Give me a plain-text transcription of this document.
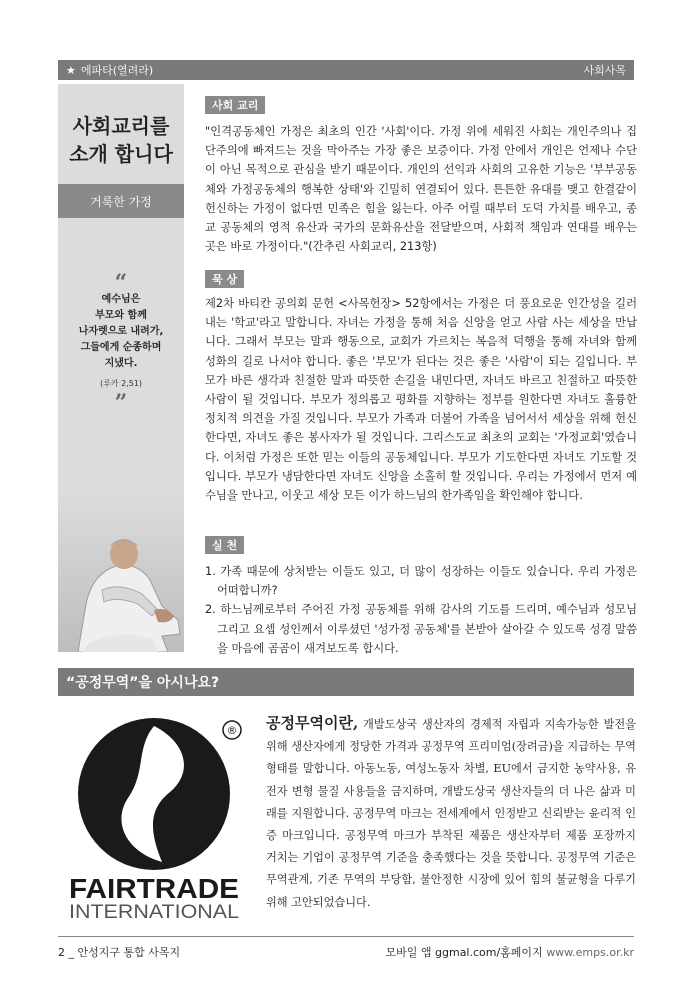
★ 에파타(열려라)	사회사목
사회교리를
소개 합니다
거룩한 가정
“
예수님은
부모와 함께
나자렛으로 내려가,
그들에게 순종하며
지냈다.
(루카 2,51)
”
사회 교리

"인격공동체인 가정은 최초의 인간 '사회'이다. 가정 위에 세워진 사회는 개인주의나 집단주의에 빠져드는 것을 막아주는 가장 좋은 보증이다. 가정 안에서 개인은 언제나 수단이 아닌 목적으로 관심을 받기 때문이다. 개인의 선익과 사회의 고유한 기능은 '부부공동체와 가정공동체의 행복한 상태'와 긴밀히 연결되어 있다. 튼튼한 유대를 맺고 한결같이 헌신하는 가정이 없다면 민족은 힘을 잃는다. 아주 어릴 때부터 도덕 가치를 배우고, 종교 공동체의 영적 유산과 국가의 문화유산을 전달받으며, 사회적 책임과 연대를 배우는 곳은 바로 가정이다."(간추린 사회교리, 213항)

묵 상

제2차 바티칸 공의회 문헌 <사목헌장> 52항에서는 가정은 더 풍요로운 인간성을 길러 내는 '학교'라고 말합니다. 자녀는 가정을 통해 처음 신앙을 얻고 사람 사는 세상을 만납니다. 그래서 부모는 말과 행동으로, 교회가 가르치는 복음적 덕행을 통해 자녀와 함께 성화의 길로 나서야 합니다. 좋은 '부모'가 된다는 것은 좋은 '사람'이 되는 길입니다. 부모가 바른 생각과 친절한 말과 따뜻한 손길을 내민다면, 자녀도 바르고 친절하고 따뜻한 사람이 될 것입니다. 부모가 정의롭고 평화를 지향하는 정부를 원한다면 자녀도 훌륭한 정치적 의견을 가질 것입니다. 부모가 가족과 더불어 가족을 넘어서서 세상을 위해 헌신한다면, 자녀도 좋은 봉사자가 될 것입니다. 그리스도교 최초의 교회는 '가정교회'였습니다. 이처럼 가정은 또한 믿는 이들의 공동체입니다. 부모가 기도한다면 자녀도 기도할 것입니다. 부모가 냉담한다면 자녀도 신앙을 소홀히 할 것입니다. 우리는 가정에서 먼저 예수님을 만나고, 이웃고 세상 모든 이가 하느님의 한가족임을 확인해야 합니다.

실 천
1. 가족 때문에 상처받는 이들도 있고, 더 많이 성장하는 이들도 있습니다. 우리 가정은 어떠합니까?
2. 하느님께로부터 주어진 가정 공동체를 위해 감사의 기도를 드리며, 예수님과 성모님 그리고 요셉 성인께서 이루셨던 '성가정 공동체'를 본받아 살아갈 수 있도록 성경 말씀을 마음에 곰곰이 새겨보도록 합시다.
“공정무역”을 아시나요?
®
FAIRTRADE
INTERNATIONAL

공정무역이란, 개발도상국 생산자의 경제적 자립과 지속가능한 발전을 위해 생산자에게 정당한 가격과 공정무역 프리미엄(장려금)을 지급하는 무역형태를 말합니다. 아동노동, 여성노동자 차별, EU에서 금지한 농약사용, 유전자 변형 물질 사용들을 금지하며, 개발도상국 생산자들의 더 나은 삶과 미래를 지원합니다. 공정무역 마크는 전세계에서 인정받고 신뢰받는 윤리적 인증 마크입니다. 공정무역 마크가 부착된 제품은 생산자부터 제품 포장까지 거치는 기업이 공정무역 기준을 충족했다는 것을 뜻합니다. 공정무역 기준은 무역관계, 기존 무역의 부당함, 불안정한 시장에 있어 힘의 불균형을 다루기 위해 고안되었습니다.

2 _ 안성지구 통합 사목지	모바일 앱 ggmal.com/홈페이지 www.emps.or.kr
